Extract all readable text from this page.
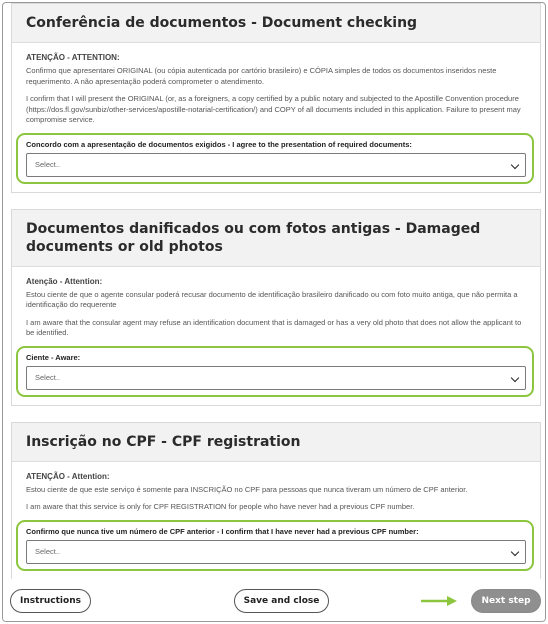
Conferência de documentos - Document checking
ATENÇÃO - ATTENTION:
Confirmo que apresentarei ORIGINAL (ou cópia autenticada por cartório brasileiro) e CÓPIA simples de todos os documentos inseridos neste requerimento. A não apresentação poderá comprometer o atendimento.
I confirm that I will present the ORIGINAL (or, as a foreigners, a copy certified by a public notary and subjected to the Apostille Convention procedure (https://dos.fl.gov/sunbiz/other-services/apostille-notarial-certification/) and COPY of all documents included in this application. Failure to present may compromise service.
Concordo com a apresentação de documentos exigidos - I agree to the presentation of required documents:
Select..
Documentos danificados ou com fotos antigas - Damaged documents or old photos
Atenção - Attention:
Estou ciente de que o agente consular poderá recusar documento de identificação brasileiro danificado ou com foto muito antiga, que não permita a identificação do requerente
I am aware that the consular agent may refuse an identification document that is damaged or has a very old photo that does not allow the applicant to be identified.
Ciente - Aware:
Select..
Inscrição no CPF - CPF registration
ATENÇÃO - Attention:
Estou ciente de que este serviço é somente para INSCRIÇÃO no CPF para pessoas que nunca tiveram um número de CPF anterior.
I am aware that this service is only for CPF REGISTRATION for people who have never had a previous CPF number.
Confirmo que nunca tive um número de CPF anterior - I confirm that I have never had a previous CPF number:
Select..
Instructions	Save and close	Next step
